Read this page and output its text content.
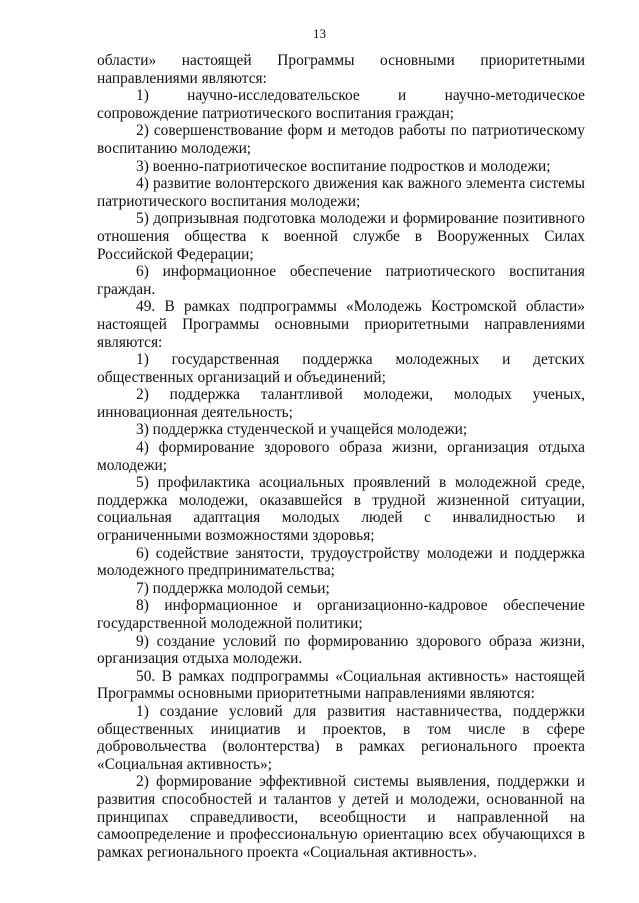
13

области» настоящей Программы основными приоритетными направлениями являются:

1) научно-исследовательское и научно-методическое сопровождение патриотического воспитания граждан;

2) совершенствование форм и методов работы по патриотическому воспитанию молодежи;

3) военно-патриотическое воспитание подростков и молодежи;

4) развитие волонтерского движения как важного элемента системы патриотического воспитания молодежи;

5) допризывная подготовка молодежи и формирование позитивного отношения общества к военной службе в Вооруженных Силах Российской Федерации;

6) информационное обеспечение патриотического воспитания граждан.

49. В рамках подпрограммы «Молодежь Костромской области» настоящей Программы основными приоритетными направлениями являются:

1) государственная поддержка молодежных и детских общественных организаций и объединений;

2) поддержка талантливой молодежи, молодых ученых, инновационная деятельность;

3) поддержка студенческой и учащейся молодежи;

4) формирование здорового образа жизни, организация отдыха молодежи;

5) профилактика асоциальных проявлений в молодежной среде, поддержка молодежи, оказавшейся в трудной жизненной ситуации, социальная адаптация молодых людей с инвалидностью и ограниченными возможностями здоровья;

6) содействие занятости, трудоустройству молодежи и поддержка молодежного предпринимательства;

7) поддержка молодой семьи;

8) информационное и организационно-кадровое обеспечение государственной молодежной политики;

9) создание условий по формированию здорового образа жизни, организация отдыха молодежи.

50. В рамках подпрограммы «Социальная активность» настоящей Программы основными приоритетными направлениями являются:

1) создание условий для развития наставничества, поддержки общественных инициатив и проектов, в том числе в сфере добровольчества (волонтерства) в рамках регионального проекта «Социальная активность»;

2) формирование эффективной системы выявления, поддержки и развития способностей и талантов у детей и молодежи, основанной на принципах справедливости, всеобщности и направленной на самоопределение и профессиональную ориентацию всех обучающихся в рамках регионального проекта «Социальная активность».
